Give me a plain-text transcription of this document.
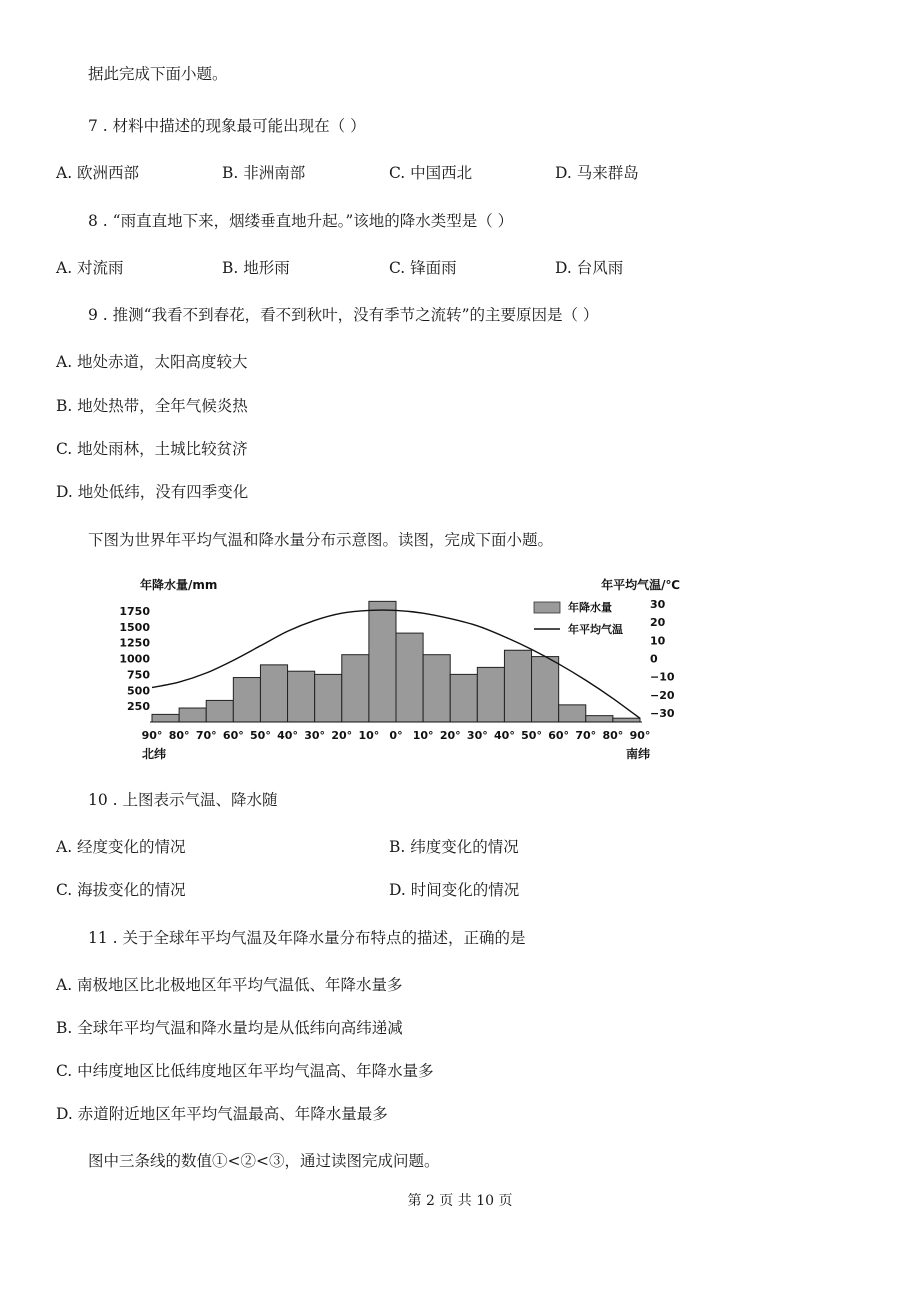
据此完成下面小题。
7 . 材料中描述的现象最可能出现在（ ）
A. 欧洲西部	B. 非洲南部	C. 中国西北	D. 马来群岛
8 . “雨直直地下来，烟缕垂直地升起。”该地的降水类型是（ ）
A. 对流雨	B. 地形雨	C. 锋面雨	D. 台风雨
9 . 推测“我看不到春花，看不到秋叶，没有季节之流转”的主要原因是（ ）
A. 地处赤道，太阳高度较大
B. 地处热带，全年气候炎热
C. 地处雨林，土城比较贫济
D. 地处低纬，没有四季变化
下图为世界年平均气温和降水量分布示意图。读图，完成下面小题。
年降水量/mm	年平均气温/℃
250
500
750
1000
1250
1500
1750
30
20
10
0
−10
−20
−30
90° 80° 70° 60° 50° 40° 30° 20° 10° 0° 10° 20° 30° 40° 50° 60° 70° 80° 90°
北纬	南纬
年降水量
年平均气温
10 . 上图表示气温、降水随
A. 经度变化的情况	B. 纬度变化的情况
C. 海拔变化的情况	D. 时间变化的情况
11 . 关于全球年平均气温及年降水量分布特点的描述，正确的是
A. 南极地区比北极地区年平均气温低、年降水量多
B. 全球年平均气温和降水量均是从低纬向高纬递减
C. 中纬度地区比低纬度地区年平均气温高、年降水量多
D. 赤道附近地区年平均气温最高、年降水量最多
图中三条线的数值①<②<③，通过读图完成问题。
第 2 页 共 10 页
